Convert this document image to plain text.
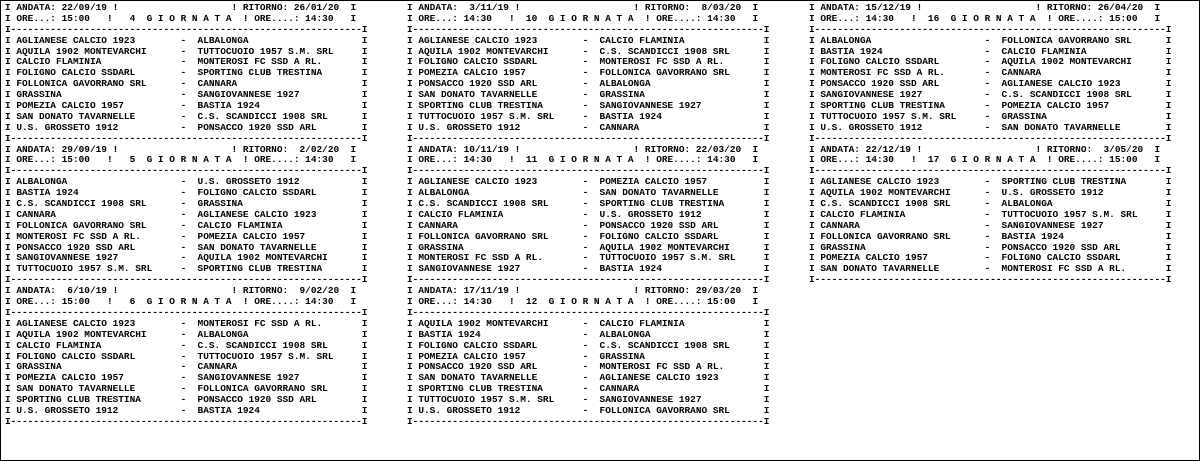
I ANDATA: 22/09/19 !                    ! RITORNO: 26/01/20  I
I ORE...: 15:00   !   4  G I O R N A T A  ! ORE....: 14:30   I
I--------------------------------------------------------------I
I AGLIANESE CALCIO 1923        -  ALBALONGA                    I
I AQUILA 1902 MONTEVARCHI      -  TUTTOCUOIO 1957 S.M. SRL     I
I CALCIO FLAMINIA              -  MONTEROSI FC SSD A RL.       I
I FOLIGNO CALCIO SSDARL        -  SPORTING CLUB TRESTINA       I
I FOLLONICA GAVORRANO SRL      -  CANNARA                      I
I GRASSINA                     -  SANGIOVANNESE 1927           I
I POMEZIA CALCIO 1957          -  BASTIA 1924                  I
I SAN DONATO TAVARNELLE        -  C.S. SCANDICCI 1908 SRL      I
I U.S. GROSSETO 1912           -  PONSACCO 1920 SSD ARL        I
I--------------------------------------------------------------I
I ANDATA: 29/09/19 !                    ! RITORNO:  2/02/20  I
I ORE...: 15:00   !   5  G I O R N A T A  ! ORE....: 14:30   I
I--------------------------------------------------------------I
I ALBALONGA                    -  U.S. GROSSETO 1912           I
I BASTIA 1924                  -  FOLIGNO CALCIO SSDARL        I
I C.S. SCANDICCI 1908 SRL      -  GRASSINA                     I
I CANNARA                      -  AGLIANESE CALCIO 1923        I
I FOLLONICA GAVORRANO SRL      -  CALCIO FLAMINIA              I
I MONTEROSI FC SSD A RL.       -  POMEZIA CALCIO 1957          I
I PONSACCO 1920 SSD ARL        -  SAN DONATO TAVARNELLE        I
I SANGIOVANNESE 1927           -  AQUILA 1902 MONTEVARCHI      I
I TUTTOCUOIO 1957 S.M. SRL     -  SPORTING CLUB TRESTINA       I
I--------------------------------------------------------------I
I ANDATA:  6/10/19 !                    ! RITORNO:  9/02/20  I
I ORE...: 15:00   !   6  G I O R N A T A  ! ORE....: 14:30   I
I--------------------------------------------------------------I
I AGLIANESE CALCIO 1923        -  MONTEROSI FC SSD A RL.       I
I AQUILA 1902 MONTEVARCHI      -  ALBALONGA                    I
I CALCIO FLAMINIA              -  C.S. SCANDICCI 1908 SRL      I
I FOLIGNO CALCIO SSDARL        -  TUTTOCUOIO 1957 S.M. SRL     I
I GRASSINA                     -  CANNARA                      I
I POMEZIA CALCIO 1957          -  SANGIOVANNESE 1927           I
I SAN DONATO TAVARNELLE        -  FOLLONICA GAVORRANO SRL      I
I SPORTING CLUB TRESTINA       -  PONSACCO 1920 SSD ARL        I
I U.S. GROSSETO 1912           -  BASTIA 1924                  I
I--------------------------------------------------------------I
I ANDATA:  3/11/19 !                    ! RITORNO:  8/03/20  I
I ORE...: 14:30   !  10  G I O R N A T A  ! ORE....: 14:30   I
I--------------------------------------------------------------I
I AGLIANESE CALCIO 1923        -  CALCIO FLAMINIA              I
I AQUILA 1902 MONTEVARCHI      -  C.S. SCANDICCI 1908 SRL      I
I FOLIGNO CALCIO SSDARL        -  MONTEROSI FC SSD A RL.       I
I POMEZIA CALCIO 1957          -  FOLLONICA GAVORRANO SRL      I
I PONSACCO 1920 SSD ARL        -  ALBALONGA                    I
I SAN DONATO TAVARNELLE        -  GRASSINA                     I
I SPORTING CLUB TRESTINA       -  SANGIOVANNESE 1927           I
I TUTTOCUOIO 1957 S.M. SRL     -  BASTIA 1924                  I
I U.S. GROSSETO 1912           -  CANNARA                      I
I--------------------------------------------------------------I
I ANDATA: 10/11/19 !                    ! RITORNO: 22/03/20  I
I ORE...: 14:30   !  11  G I O R N A T A  ! ORE....: 14:30   I
I--------------------------------------------------------------I
I AGLIANESE CALCIO 1923        -  POMEZIA CALCIO 1957          I
I ALBALONGA                    -  SAN DONATO TAVARNELLE        I
I C.S. SCANDICCI 1908 SRL      -  SPORTING CLUB TRESTINA       I
I CALCIO FLAMINIA              -  U.S. GROSSETO 1912           I
I CANNARA                      -  PONSACCO 1920 SSD ARL        I
I FOLLONICA GAVORRANO SRL      -  FOLIGNO CALCIO SSDARL        I
I GRASSINA                     -  AQUILA 1902 MONTEVARCHI      I
I MONTEROSI FC SSD A RL.       -  TUTTOCUOIO 1957 S.M. SRL     I
I SANGIOVANNESE 1927           -  BASTIA 1924                  I
I--------------------------------------------------------------I
I ANDATA: 17/11/19 !                    ! RITORNO: 29/03/20  I
I ORE...: 14:30   !  12  G I O R N A T A  ! ORE....: 15:00   I
I--------------------------------------------------------------I
I AQUILA 1902 MONTEVARCHI      -  CALCIO FLAMINIA              I
I BASTIA 1924                  -  ALBALONGA                    I
I FOLIGNO CALCIO SSDARL        -  C.S. SCANDICCI 1908 SRL      I
I POMEZIA CALCIO 1957          -  GRASSINA                     I
I PONSACCO 1920 SSD ARL        -  MONTEROSI FC SSD A RL.       I
I SAN DONATO TAVARNELLE        -  AGLIANESE CALCIO 1923        I
I SPORTING CLUB TRESTINA       -  CANNARA                      I
I TUTTOCUOIO 1957 S.M. SRL     -  SANGIOVANNESE 1927           I
I U.S. GROSSETO 1912           -  FOLLONICA GAVORRANO SRL      I
I--------------------------------------------------------------I
I ANDATA: 15/12/19 !                    ! RITORNO: 26/04/20  I
I ORE...: 14:30   !  16  G I O R N A T A  ! ORE....: 15:00   I
I--------------------------------------------------------------I
I ALBALONGA                    -  FOLLONICA GAVORRANO SRL      I
I BASTIA 1924                  -  CALCIO FLAMINIA              I
I FOLIGNO CALCIO SSDARL        -  AQUILA 1902 MONTEVARCHI      I
I MONTEROSI FC SSD A RL.       -  CANNARA                      I
I PONSACCO 1920 SSD ARL        -  AGLIANESE CALCIO 1923        I
I SANGIOVANNESE 1927           -  C.S. SCANDICCI 1908 SRL      I
I SPORTING CLUB TRESTINA       -  POMEZIA CALCIO 1957          I
I TUTTOCUOIO 1957 S.M. SRL     -  GRASSINA                     I
I U.S. GROSSETO 1912           -  SAN DONATO TAVARNELLE        I
I--------------------------------------------------------------I
I ANDATA: 22/12/19 !                    ! RITORNO:  3/05/20  I
I ORE...: 14:30   !  17  G I O R N A T A  ! ORE....: 15:00   I
I--------------------------------------------------------------I
I AGLIANESE CALCIO 1923        -  SPORTING CLUB TRESTINA       I
I AQUILA 1902 MONTEVARCHI      -  U.S. GROSSETO 1912           I
I C.S. SCANDICCI 1908 SRL      -  ALBALONGA                    I
I CALCIO FLAMINIA              -  TUTTOCUOIO 1957 S.M. SRL     I
I CANNARA                      -  SANGIOVANNESE 1927           I
I FOLLONICA GAVORRANO SRL      -  BASTIA 1924                  I
I GRASSINA                     -  PONSACCO 1920 SSD ARL        I
I POMEZIA CALCIO 1957          -  FOLIGNO CALCIO SSDARL        I
I SAN DONATO TAVARNELLE        -  MONTEROSI FC SSD A RL.       I
I--------------------------------------------------------------I
